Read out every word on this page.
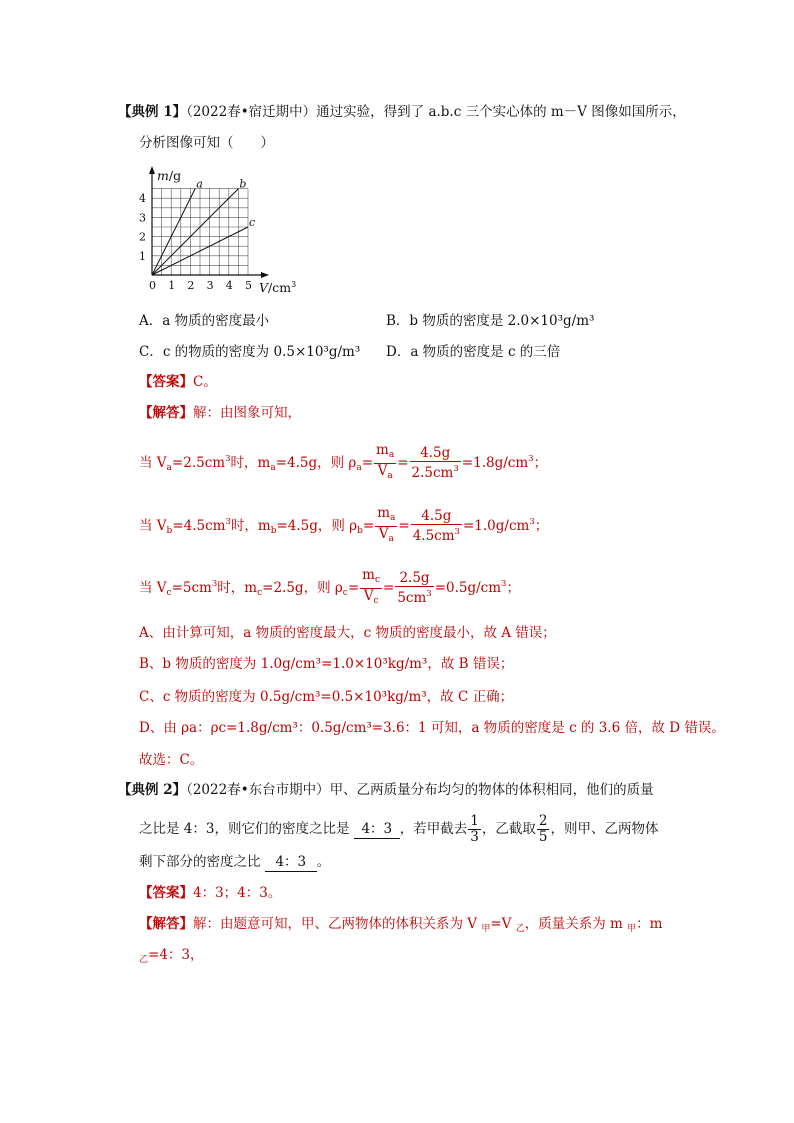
【典例 1】（2022春•宿迁期中）通过实验，得到了 a.b.c 三个实心体的 m－V 图像如国所示，
分析图像可知（　　）
a	b
c
0 1 2 3 4 5
1
2
3
4
m/g
$V/cm^3$
A．a 物质的密度最小	B．b 物质的密度是 2.0×10³g/m³
C．c 的物质的密度为 0.5×10³g/m³ D．a 物质的密度是 c 的三倍
【答案】C。
【解答】解：由图象可知，
当 $V_a=2.5cm^3$时，$m_a=4.5g$，则 $\rho_a= \frac{m_a}{V_a} = \frac{4.5g}{2.5cm^3} =1.8g/cm^3$；
当 $V_b=4.5cm^3$时，$m_b=4.5g$，则 $\rho_b= \frac{m_a}{V_a} = \frac{4.5g}{4.5cm^3} =1.0g/cm^3$；
当 $V_c=5cm^3$时，$m_c=2.5g$，则 $\rho_c= \frac{m_c}{V_c} = \frac{2.5g}{5cm^3} =0.5g/cm^3$；
A、由计算可知，a 物质的密度最大，c 物质的密度最小，故 A 错误；
B、b 物质的密度为 1.0g/cm³=1.0×10³kg/m³，故 B 错误；
C、c 物质的密度为 0.5g/cm³=0.5×10³kg/m³，故 C 正确；
D、由 ρa：ρc=1.8g/cm³：0.5g/cm³=3.6：1 可知，a 物质的密度是 c 的 3.6 倍，故 D 错误。
故选：C。
【典例 2】（2022春•东台市期中）甲、乙两质量分布均匀的物体的体积相同，他们的质量
之比是 4：3，则它们的密度之比是 4：3 ，若甲截去 $\frac{1}{3}$ ，乙截取 $\frac{2}{5}$ ，则甲、乙两物体
剩下部分的密度之比 4：3 。
【答案】4：3；4：3。
【解答】解：由题意可知，甲、乙两物体的体积关系为 V $_甲$=V $_乙$，质量关系为 m $_甲$：m
$_乙$=4：3，
